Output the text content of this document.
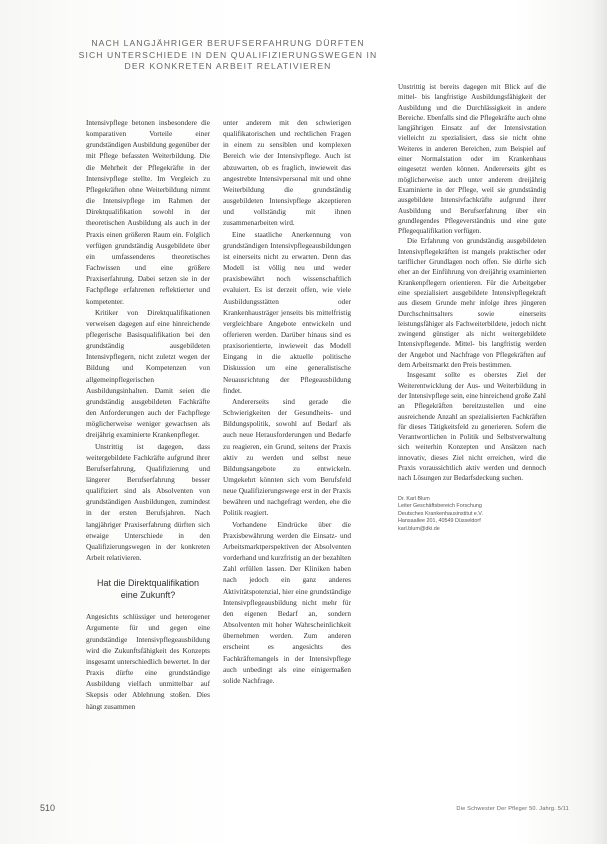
NACH LANGJÄHRIGER BERUFSERFAHRUNG DÜRFTEN
SICH UNTERSCHIEDE IN DEN QUALIFIZIERUNGSWEGEN IN
DER KONKRETEN ARBEIT RELATIVIEREN

Intensivpflege betonen insbesondere die komparativen Vorteile einer grundständigen Ausbildung gegenüber der mit Pflege befassten Weiterbildung. Die die Mehrheit der Pflegekräfte in der Intensivpflege stellte. Im Vergleich zu Pflegekräften ohne Weiterbildung nimmt die Intensivpflege im Rahmen der Direktqualifikation sowohl in der theoretischen Ausbildung als auch in der Praxis einen größeren Raum ein. Folglich verfügen grundständig Ausgebildete über ein umfassenderes theoretisches Fachwissen und eine größere Praxiserfahrung. Dabei setzen sie in der Fachpflege erfahrenen reflektierter und kompetenter.

Kritiker von Direktqualifikationen verweisen dagegen auf eine hinreichende pflegerische Basisqualifikation bei den grundständig ausgebildeten Intensivpflegern, nicht zuletzt wegen der Bildung und Kompetenzen von allgemeinpflegerischen Ausbildungsinhalten. Damit seien die grundständig ausgebildeten Fachkräfte den Anforderungen auch der Fachpflege möglicherweise weniger gewachsen als dreijährig examinierte Krankenpfleger.

Unstrittig ist dagegen, dass weitergebildete Fachkräfte aufgrund ihrer Berufserfahrung, Qualifizierung und längerer Berufserfahrung besser qualifiziert sind als Absolventen von grundständigen Ausbildungen, zumindest in der ersten Berufsjahren. Nach langjähriger Praxiserfahrung dürften sich etwaige Unterschiede in den Qualifizierungswegen in der konkreten Arbeit relativieren.

Hat die Direktqualifikation
eine Zukunft?

Angesichts schlüssiger und heterogener Argumente für und gegen eine grundständige Intensivpflegeausbildung wird die Zukunftsfähigkeit des Konzepts insgesamt unterschiedlich bewertet. In der Praxis dürfte eine grundständige Ausbildung vielfach unmittelbar auf Skepsis oder Ablehnung stoßen. Dies hängt zusammen

unter anderem mit den schwierigen qualifikatorischen und rechtlichen Fragen in einem zu sensiblen und komplexen Bereich wie der Intensivpflege. Auch ist abzuwarten, ob es fraglich, inwieweit das angestrebte Intensivpersonal mit und ohne Weiterbildung die grundständig ausgebildeten Intensivpflege akzeptieren und vollständig mit ihnen zusammenarbeiten wird.

Eine staatliche Anerkennung von grundständigen Intensivpflegeausbildungen ist einerseits nicht zu erwarten. Denn das Modell ist völlig neu und weder praxisbewährt noch wissenschaftlich evaluiert. Es ist derzeit offen, wie viele Ausbildungsstätten oder Krankenhausträger jenseits bis mittelfristig vergleichbare Angebote entwickeln und offerieren werden. Darüber hinaus sind es praxisorientierte, inwieweit das Modell Eingang in die aktuelle politische Diskussion um eine generalistische Neuausrichtung der Pflegeausbildung findet.

Andererseits sind gerade die Schwierigkeiten der Gesundheits- und Bildungspolitik, sowohl auf Bedarf als auch neue Herausforderungen und Bedarfe zu reagieren, ein Grund, seitens der Praxis aktiv zu werden und selbst neue Bildungsangebote zu entwickeln. Umgekehrt könnten sich vom Berufsfeld neue Qualifizierungswege erst in der Praxis bewähren und nachgefragt werden, ehe die Politik reagiert.

Vorhandene Eindrücke über die Praxisbewährung werden die Einsatz- und Arbeitsmarktperspektiven der Absolventen vorderhand und kurzfristig an der bezahlten Zahl erfüllen lassen. Der Kliniken haben nach jedoch ein ganz anderes Aktivitätspotenzial, hier eine grundständige Intensivpflegeausbildung nicht mehr für den eigenen Bedarf an, sondern Absolventen mit hoher Wahrscheinlichkeit übernehmen werden. Zum anderen erscheint es angesichts des Fachkräftemangels in der Intensivpflege auch unbedingt als eine einigermaßen solide Nachfrage.

Unstrittig ist bereits dagegen mit Blick auf die mittel- bis langfristige Ausbildungsfähigkeit der Ausbildung und die Durchlässigkeit in andere Bereiche. Ebenfalls sind die Pflegekräfte auch ohne langjährigen Einsatz auf der Intensivstation vielleicht zu spezialisiert, dass sie nicht ohne Weiteres in anderen Bereichen, zum Beispiel auf einer Normalstation oder im Krankenhaus eingesetzt werden können. Andererseits gibt es möglicherweise auch unter anderem dreijährig Examinierte in der Pflege, weil sie grundständig ausgebildete Intensivfachkräfte aufgrund ihrer Ausbildung und Berufserfahrung über ein grundlegendes Pflegeverständnis und eine gute Pflegequalifikation verfügen.

Die Erfahrung von grundständig ausgebildeten Intensivpflegekräften ist mangels praktischer oder tariflicher Grundlagen noch offen. Sie dürfte sich eher an der Einführung von dreijährig examinierten Krankenpflegern orientieren. Für die Arbeitgeber eine spezialisiert ausgebildete Intensivpflegekraft aus diesem Grunde mehr infolge ihres jüngeren Durchschnittsalters sowie einerseits leistungsfähiger als Fachweiterbildete, jedoch nicht zwingend günstiger als nicht weitergebildete Intensivpflegende. Mittel- bis langfristig werden der Angebot und Nachfrage von Pflegekräften auf dem Arbeitsmarkt den Preis bestimmen.

Insgesamt sollte es oberstes Ziel der Weiterentwicklung der Aus- und Weiterbildung in der Intensivpflege sein, eine hinreichend große Zahl an Pflegekräften bereitzustellen und eine ausreichende Anzahl an spezialisierten Fachkräften für dieses Tätigkeitsfeld zu generieren. Sofern die Verantwortlichen in Politik und Selbstverwaltung sich weiterhin Konzepten und Ansätzen nach innovativ, dieses Ziel nicht erreichen, wird die Praxis voraussichtlich aktiv werden und dennoch nach Lösungen zur Bedarfsdeckung suchen.

Dr. Karl Blum
Leiter Geschäftsbereich Forschung
Deutsches Krankenhausinstitut e.V.
Hansaallee 201, 40549 Düsseldorf
karl.blum@dki.de
510	Die Schwester Der Pfleger 50. Jahrg. 5/11
